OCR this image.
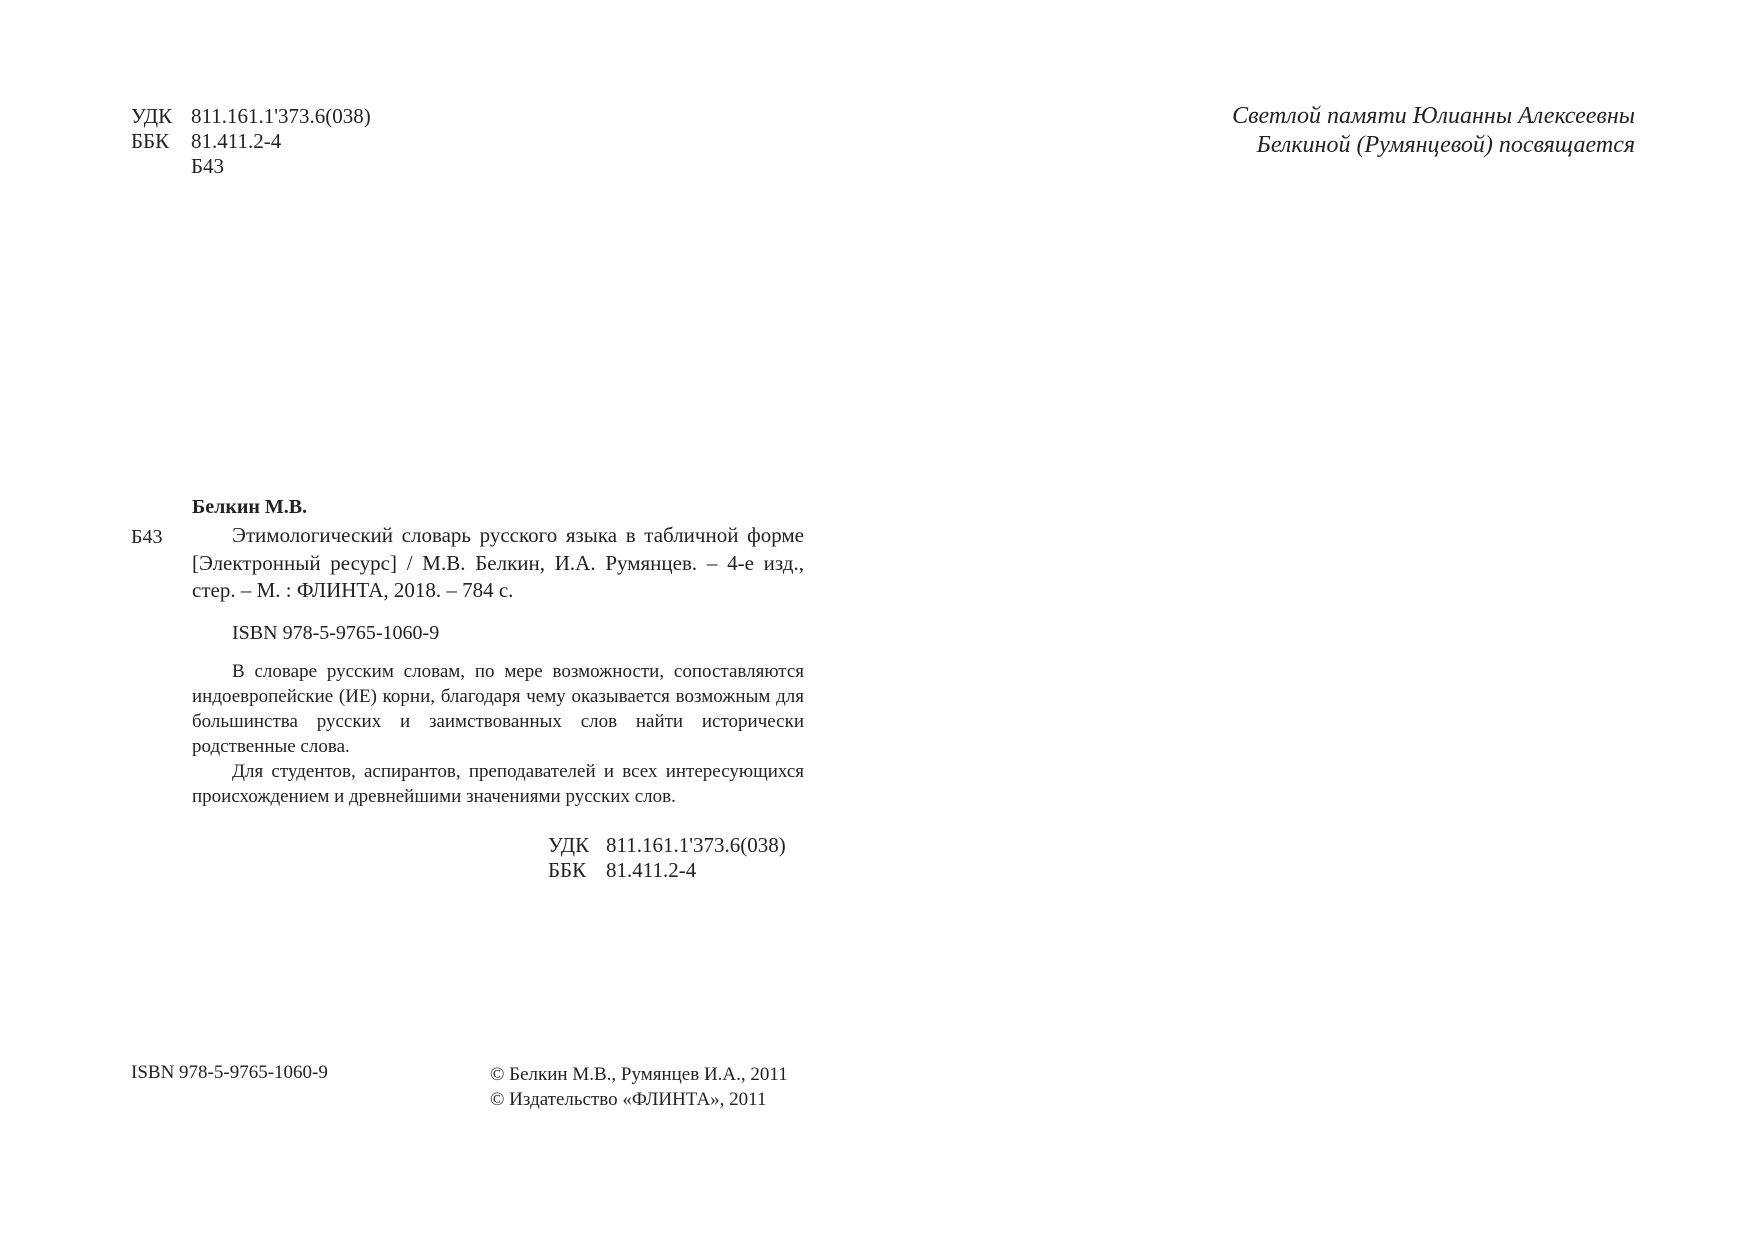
УДК 811.161.1'373.6(038)
ББК	81.411.2-4
Б43
Светлой памяти Юлианны Алексеевны
Белкиной (Румянцевой) посвящается
Белкин М.В.
Б43	Этимологический словарь русского языка в табличной форме [Электронный ресурс] / М.В. Белкин, И.А. Румянцев. – 4-е изд., стер. – М. : ФЛИНТА, 2018. – 784 с.
ISBN 978-5-9765-1060-9

В словаре русским словам, по мере возможности, сопоставляются индоевропейские (ИЕ) корни, благодаря чему оказывается возможным для большинства русских и заимствованных слов найти исторически родственные слова.

Для студентов, аспирантов, преподавателей и всех интересующихся происхождением и древнейшими значениями русских слов.

УДК 811.161.1'373.6(038)
ББК 81.411.2-4
ISBN 978-5-9765-1060-9	© Белкин М.В., Румянцев И.А., 2011
© Издательство «ФЛИНТА», 2011
